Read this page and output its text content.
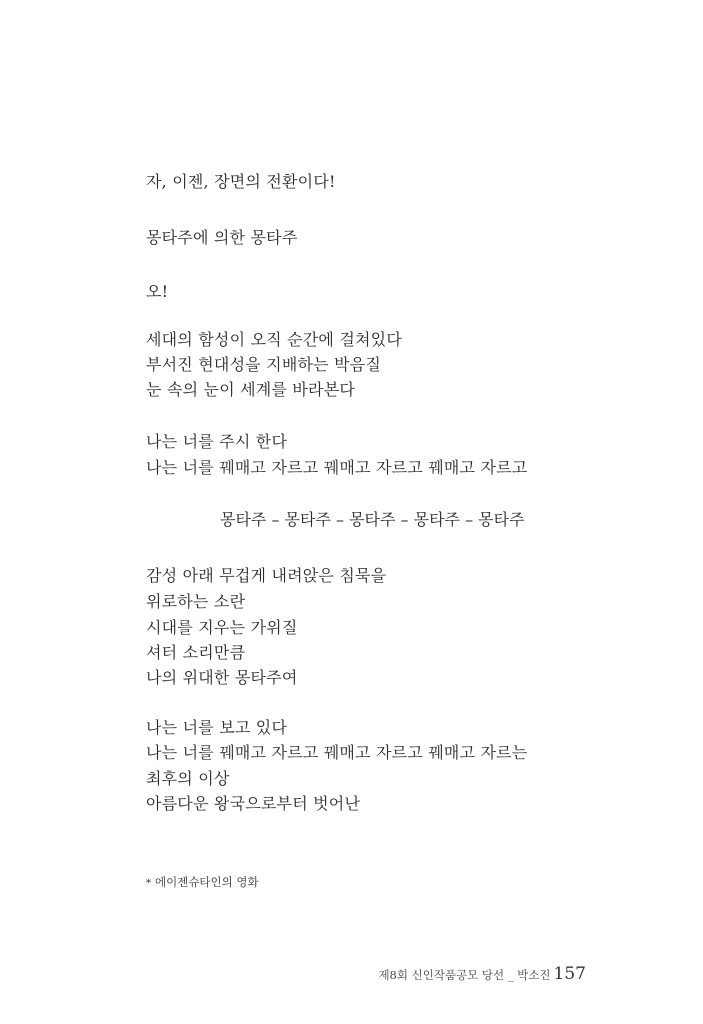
자, 이젠, 장면의 전환이다!
몽타주에 의한 몽타주
오!
세대의 함성이 오직 순간에 걸쳐있다
부서진 현대성을 지배하는 박음질
눈 속의 눈이 세계를 바라본다
나는 너를 주시 한다
나는 너를 꿰매고 자르고 꿰매고 자르고 꿰매고 자르고
몽타주 – 몽타주 – 몽타주 – 몽타주 – 몽타주
감성 아래 무겁게 내려앉은 침묵을
위로하는 소란
시대를 지우는 가위질
셔터 소리만큼
나의 위대한 몽타주여
나는 너를 보고 있다
나는 너를 꿰매고 자르고 꿰매고 자르고 꿰매고 자르는
최후의 이상
아름다운 왕국으로부터 벗어난
* 에이젠슈타인의 영화
제8회 신인작품공모 당선 _ 박소진 157
